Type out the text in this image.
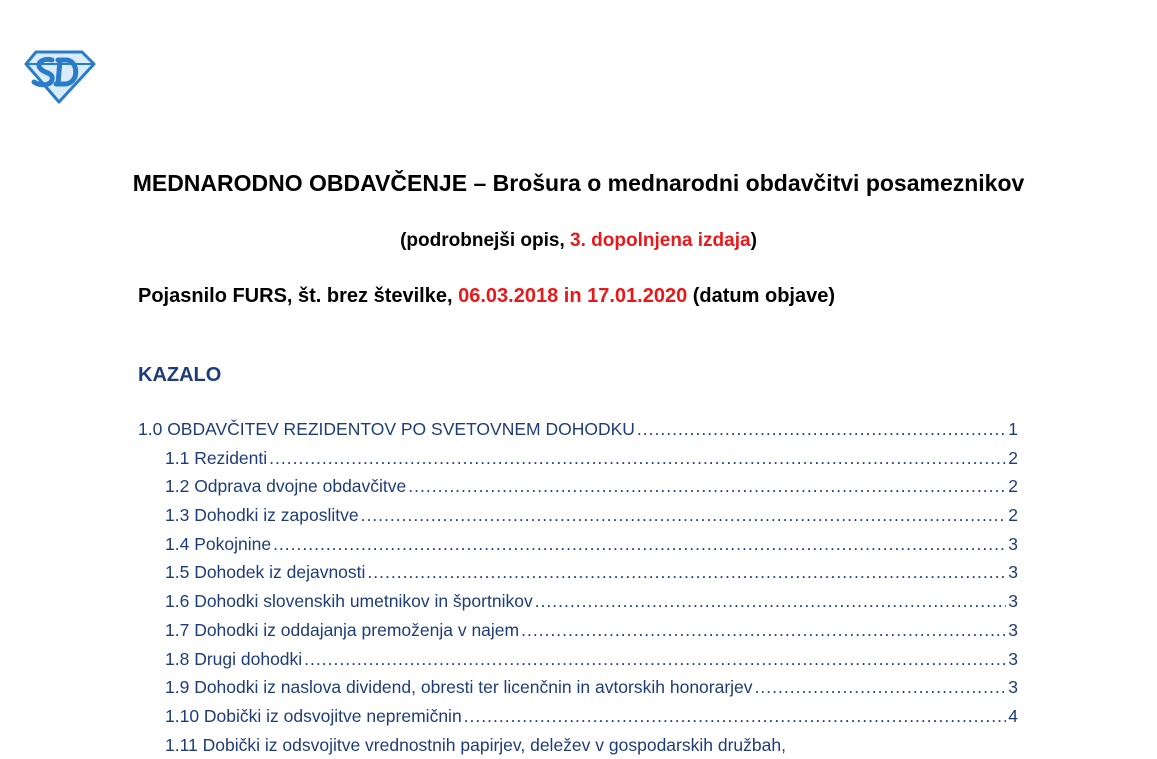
MEDNARODNO OBDAVČENJE – Brošura o mednarodni obdavčitvi posameznikov
(podrobnejši opis, 3. dopolnjena izdaja)
Pojasnilo FURS, št. brez številke, 06.03.2018 in 17.01.2020 (datum objave)
KAZALO
1.0 OBDAVČITEV REZIDENTOV PO SVETOVNEM DOHODKU .....	1
1.1 Rezidenti .....	2
1.2 Odprava dvojne obdavčitve .....	2
1.3 Dohodki iz zaposlitve .....	2
1.4 Pokojnine .....	3
1.5 Dohodek iz dejavnosti .....	3
1.6 Dohodki slovenskih umetnikov in športnikov .....	3
1.7 Dohodki iz oddajanja premoženja v najem .....	3
1.8 Drugi dohodki .....	3
1.9 Dohodki iz naslova dividend, obresti ter licenčnin in avtorskih honorarjev .....	3
1.10 Dobički iz odsvojitve nepremičnin .....	4
1.11 Dobički iz odsvojitve vrednostnih papirjev, deležev v gospodarskih družbah,
